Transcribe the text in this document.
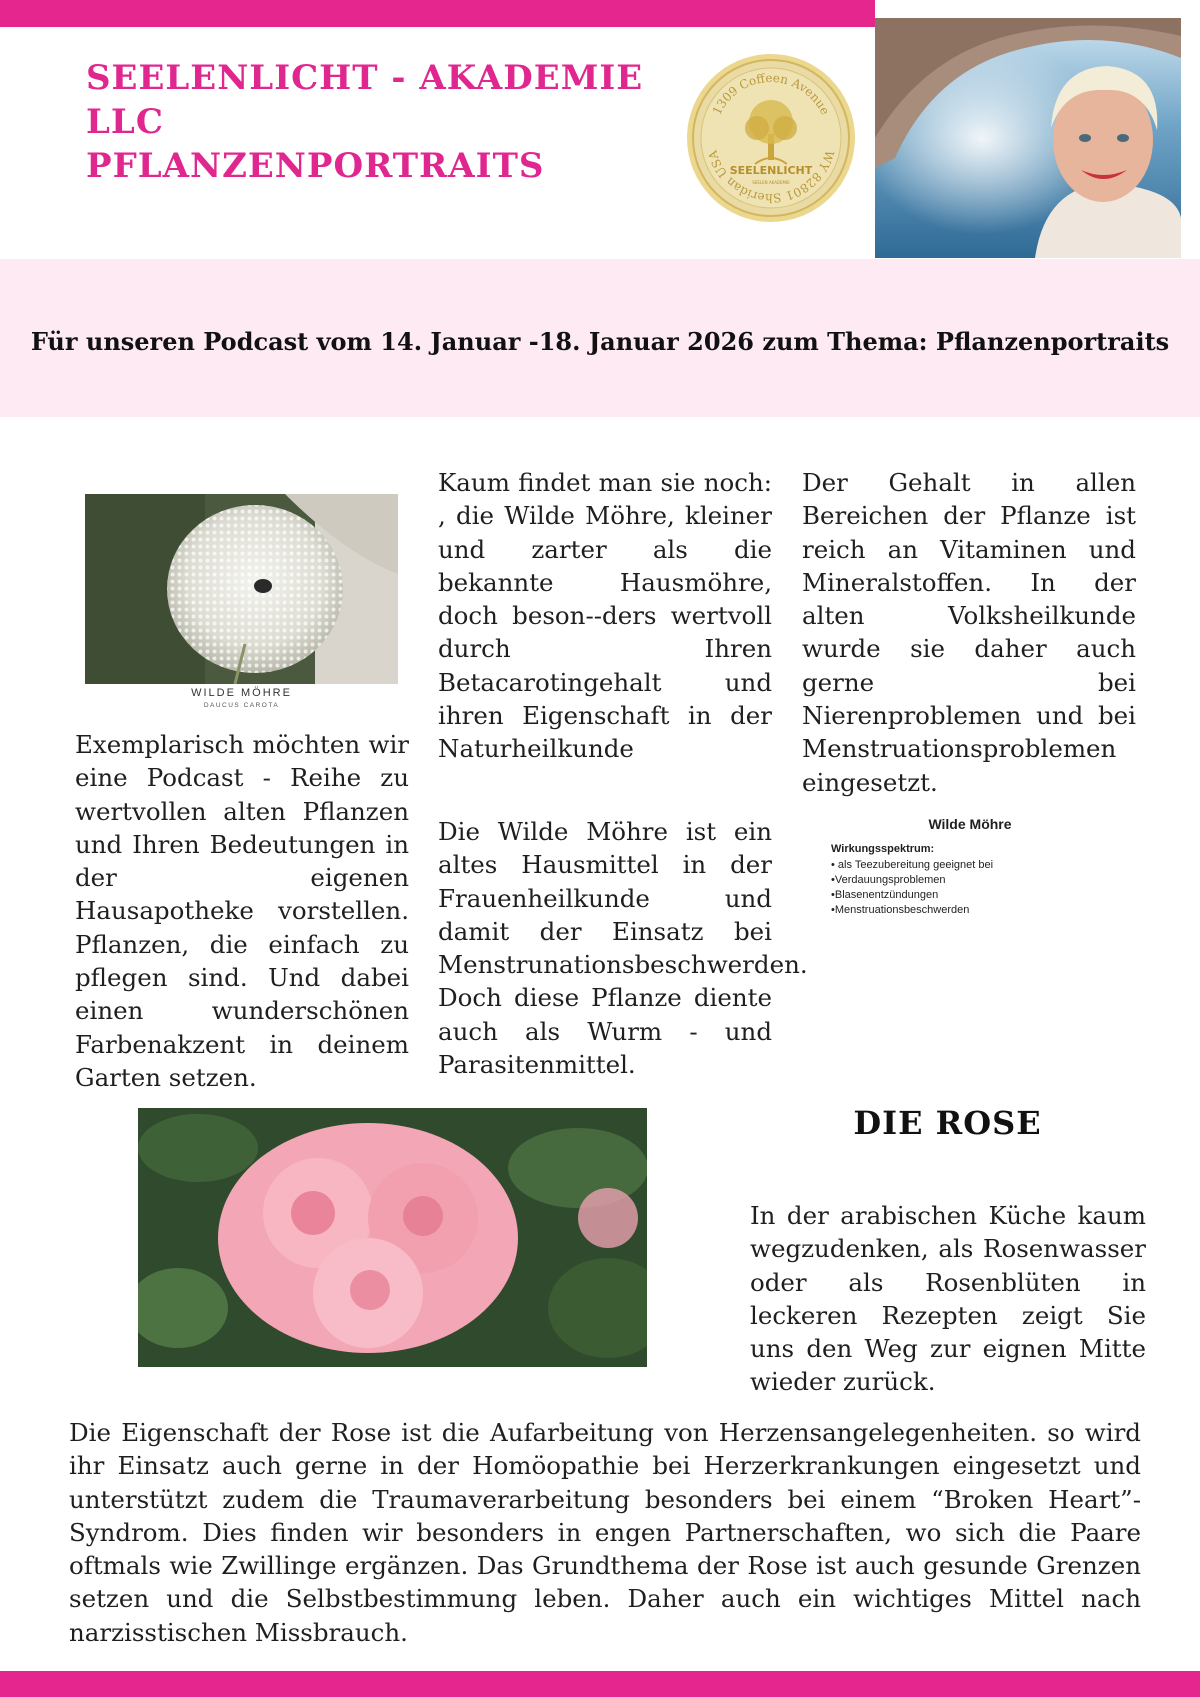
SEELENLICHT - AKADEMIE LLC
PFLANZENPORTRAITS
1309 Coffeen Avenue
WY 82801 Sheridan USA
SEELENLICHT
SEELEN AKADEMIE
Für unseren Podcast vom 14. Januar -18. Januar 2026 zum Thema: Pflanzenportraits
WILDE MÖHRE
DAUCUS CAROTA

Exemplarisch möchten wir eine Podcast - Reihe zu wertvollen alten Pflanzen und Ihren Bedeutungen in der eigenen Hausapotheke vorstellen. Pflanzen, die einfach zu pflegen sind. Und dabei einen wunderschönen Farbenakzent in deinem Garten setzen.

Kaum findet man sie noch: , die Wilde Möhre, kleiner und zarter als die bekannte Hausmöhre, doch beson--ders wertvoll durch Ihren Betacarotingehalt und ihren Eigenschaft in der Naturheilkunde

Die Wilde Möhre ist ein altes Hausmittel in der Frauenheilkunde und damit der Einsatz bei Menstrunationsbeschwerden. Doch diese Pflanze diente auch als Wurm - und Parasitenmittel.

Der Gehalt in allen Bereichen der Pflanze ist reich an Vitaminen und Mineralstoffen. In der alten Volksheilkunde wurde sie daher auch gerne bei Nierenproblemen und bei Menstruationsproblemen eingesetzt.

Wilde Möhre
Wirkungsspektrum:
• als Teezubereitung geeignet bei
•Verdauungsproblemen
•Blasenentzündungen
•Menstruationsbeschwerden
DIE ROSE

In der arabischen Küche kaum wegzudenken, als Rosenwasser oder als Rosenblüten in leckeren Rezepten zeigt Sie uns den Weg zur eignen Mitte wieder zurück.

Die Eigenschaft der Rose ist die Aufarbeitung von Herzensangelegenheiten. so wird ihr Einsatz auch gerne in der Homöopathie bei Herzerkrankungen eingesetzt und unterstützt zudem die Traumaverarbeitung besonders bei einem “Broken Heart”-Syndrom. Dies finden wir besonders in engen Partnerschaften, wo sich die Paare oftmals wie Zwillinge ergänzen. Das Grundthema der Rose ist auch gesunde Grenzen setzen und die Selbstbestimmung leben. Daher auch ein wichtiges Mittel nach narzisstischen Missbrauch.
